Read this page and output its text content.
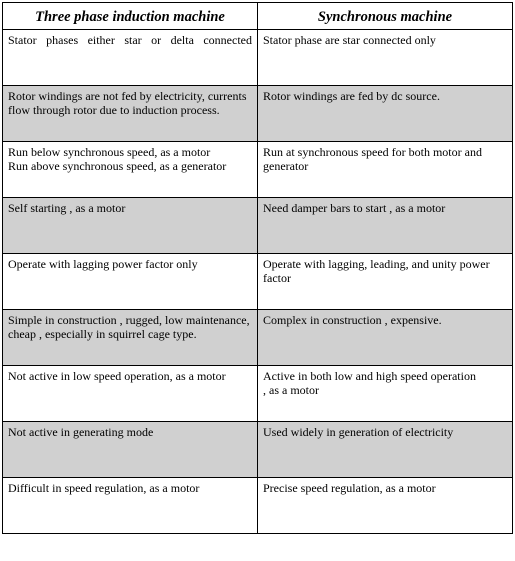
Three phase induction machine	Synchronous machine

Stator phases either star or delta connected	Stator phase are star connected only

Rotor windings are not fed by electricity, currents flow through rotor due to induction process.	Rotor windings are fed by dc source.

Run below synchronous speed, as a motor
Run above synchronous speed, as a generator	Run at synchronous speed for both motor and generator

Self starting , as a motor	Need damper bars to start , as a motor

Operate with lagging power factor only	Operate with lagging, leading, and unity power factor

Simple in construction , rugged, low maintenance, cheap , especially in squirrel cage type.	Complex in construction , expensive.

Not active in low speed operation, as a motor	Active in both low and high speed operation
, as a motor

Not active in generating mode	Used widely in generation of electricity

Difficult in speed regulation, as a motor	Precise speed regulation, as a motor
